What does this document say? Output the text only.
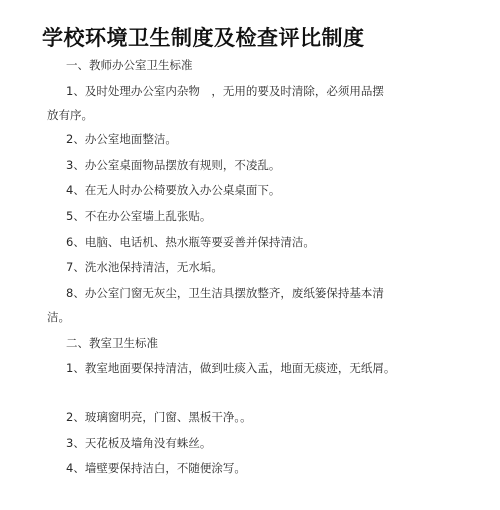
学校环境卫生制度及检查评比制度
一、教师办公室卫生标准
1、及时处理办公室内杂物　，无用的要及时清除，必须用品摆
放有序。
2、办公室地面整洁。
3、办公室桌面物品摆放有规则，不凌乱。
4、在无人时办公椅要放入办公桌桌面下。
5、不在办公室墙上乱张贴。
6、电脑、电话机、热水瓶等要妥善并保持清洁。
7、洗水池保持清洁，无水垢。
8、办公室门窗无灰尘，卫生洁具摆放整齐，废纸篓保持基本清
洁。
二、教室卫生标准
1、教室地面要保持清洁，做到吐痰入盂，地面无痰迹，无纸屑。
2、玻璃窗明亮，门窗、黑板干净。。
3、天花板及墙角没有蛛丝。
4、墙壁要保持洁白，不随便涂写。
